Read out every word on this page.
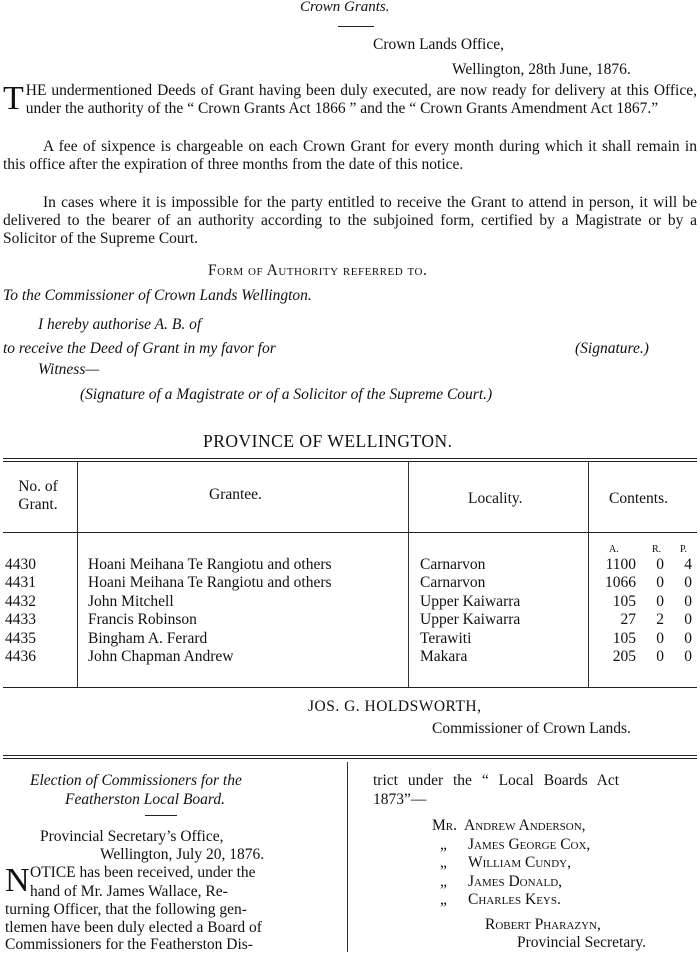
Crown Grants.
Crown Lands Office,
Wellington, 28th June, 1876.
T HE undermentioned Deeds of Grant having been duly executed, are now ready for delivery at this Office, under the authority of the “ Crown Grants Act 1866 ” and the “ Crown Grants Amendment Act 1867.”
A fee of sixpence is chargeable on each Crown Grant for every month during which it shall remain in this office after the expiration of three months from the date of this notice.
In cases where it is impossible for the party entitled to receive the Grant to attend in person, it will be delivered to the bearer of an authority according to the subjoined form, certified by a Magistrate or by a Solicitor of the Supreme Court.
Form of Authority referred to.
To the Commissioner of Crown Lands Wellington.
I hereby authorise A. B. of
to receive the Deed of Grant in my favor for	(Signature.)
Witness—
(Signature of a Magistrate or of a Solicitor of the Supreme Court.)
PROVINCE OF WELLINGTON.
No. of
Grant.
Grantee.	Locality.	Contents.
A.	R. P.
4430	Hoani Meihana Te Rangiotu and others	Carnarvon	1100 0 4
4431	Hoani Meihana Te Rangiotu and others	Carnarvon	1066 0 0
4432	John Mitchell	Upper Kaiwarra	105 0 0
4433	Francis Robinson	Upper Kaiwarra	27 2 0
4435	Bingham A. Ferard	Terawiti	105 0 0
4436	John Chapman Andrew	Makara	205 0 0
JOS. G. HOLDSWORTH,
Commissioner of Crown Lands.
Election of Commissioners for the
Featherston Local Board.
Provincial Secretary’s Office,
Wellington, July 20, 1876.
N OTICE has been received, under the
hand of Mr. James Wallace, Re-
turning Officer, that the following gen-
tlemen have been duly elected a Board of
Commissioners for the Featherston Dis-
trict under the “ Local Boards Act
1873”—
Mr. Andrew Anderson,
„ James George Cox,
„ William Cundy,
„ James Donald,
„ Charles Keys.
Robert Pharazyn,
Provincial Secretary.
